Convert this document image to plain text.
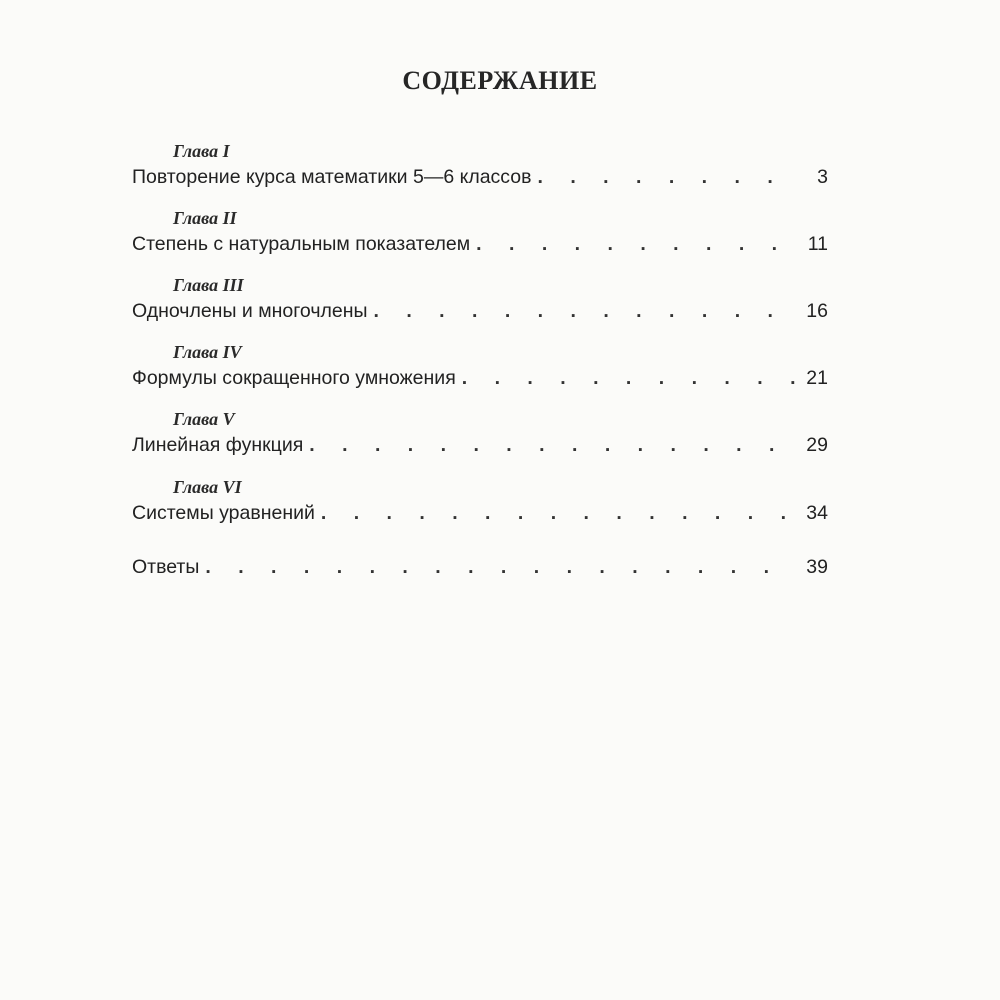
СОДЕРЖАНИЕ
Глава I
Повторение курса математики 5—6 классов . . .	3
Глава II
Степень с натуральным показателем . . .	11
Глава III
Одночлены и многочлены . . .	16
Глава IV
Формулы сокращенного умножения . . .	21
Глава V
Линейная функция . . .	29
Глава VI
Системы уравнений . . .	34
Ответы . . .	39
